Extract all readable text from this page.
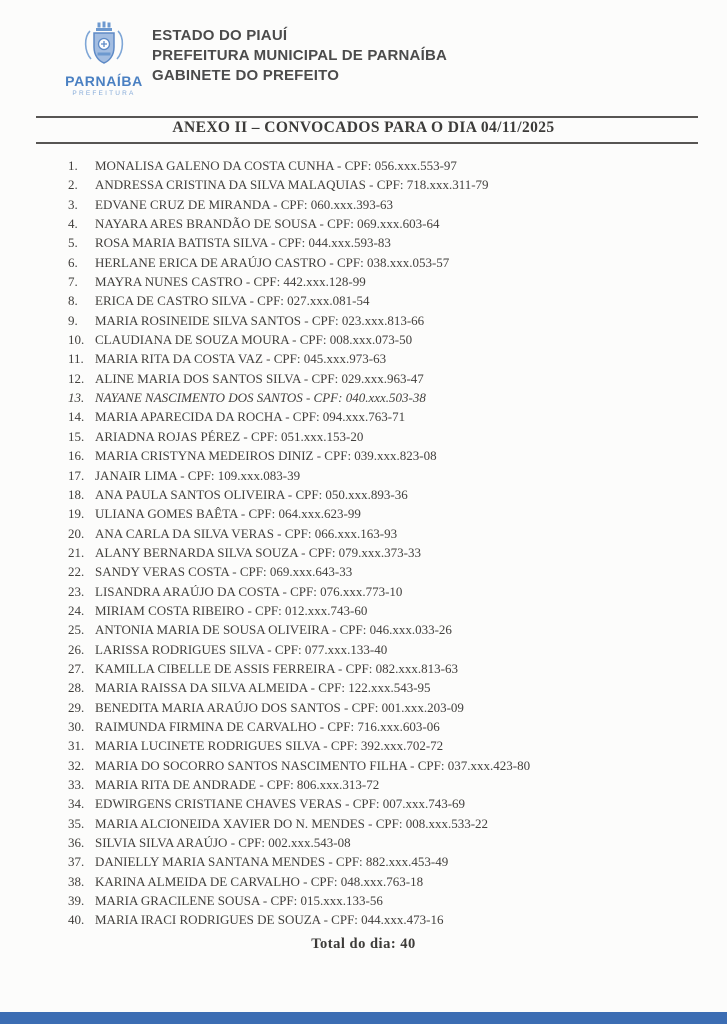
PARNAÍBA
PREFEITURA
ESTADO DO PIAUÍ
PREFEITURA MUNICIPAL DE PARNAÍBA
GABINETE DO PREFEITO
ANEXO II – CONVOCADOS PARA O DIA 04/11/2025
1. MONALISA GALENO DA COSTA CUNHA - CPF: 056.xxx.553-97
2. ANDRESSA CRISTINA DA SILVA MALAQUIAS - CPF: 718.xxx.311-79
3. EDVANE CRUZ DE MIRANDA - CPF: 060.xxx.393-63
4. NAYARA ARES BRANDÃO DE SOUSA - CPF: 069.xxx.603-64
5. ROSA MARIA BATISTA SILVA - CPF: 044.xxx.593-83
6. HERLANE ERICA DE ARAÚJO CASTRO - CPF: 038.xxx.053-57
7. MAYRA NUNES CASTRO - CPF: 442.xxx.128-99
8. ERICA DE CASTRO SILVA - CPF: 027.xxx.081-54
9. MARIA ROSINEIDE SILVA SANTOS - CPF: 023.xxx.813-66
10. CLAUDIANA DE SOUZA MOURA - CPF: 008.xxx.073-50
11. MARIA RITA DA COSTA VAZ - CPF: 045.xxx.973-63
12. ALINE MARIA DOS SANTOS SILVA - CPF: 029.xxx.963-47
13. NAYANE NASCIMENTO DOS SANTOS - CPF: 040.xxx.503-38
14. MARIA APARECIDA DA ROCHA - CPF: 094.xxx.763-71
15. ARIADNA ROJAS PÉREZ - CPF: 051.xxx.153-20
16. MARIA CRISTYNA MEDEIROS DINIZ - CPF: 039.xxx.823-08
17. JANAIR LIMA - CPF: 109.xxx.083-39
18. ANA PAULA SANTOS OLIVEIRA - CPF: 050.xxx.893-36
19. ULIANA GOMES BAÊTA - CPF: 064.xxx.623-99
20. ANA CARLA DA SILVA VERAS - CPF: 066.xxx.163-93
21. ALANY BERNARDA SILVA SOUZA - CPF: 079.xxx.373-33
22. SANDY VERAS COSTA - CPF: 069.xxx.643-33
23. LISANDRA ARAÚJO DA COSTA - CPF: 076.xxx.773-10
24. MIRIAM COSTA RIBEIRO - CPF: 012.xxx.743-60
25. ANTONIA MARIA DE SOUSA OLIVEIRA - CPF: 046.xxx.033-26
26. LARISSA RODRIGUES SILVA - CPF: 077.xxx.133-40
27. KAMILLA CIBELLE DE ASSIS FERREIRA - CPF: 082.xxx.813-63
28. MARIA RAISSA DA SILVA ALMEIDA - CPF: 122.xxx.543-95
29. BENEDITA MARIA ARAÚJO DOS SANTOS - CPF: 001.xxx.203-09
30. RAIMUNDA FIRMINA DE CARVALHO - CPF: 716.xxx.603-06
31. MARIA LUCINETE RODRIGUES SILVA - CPF: 392.xxx.702-72
32. MARIA DO SOCORRO SANTOS NASCIMENTO FILHA - CPF: 037.xxx.423-80
33. MARIA RITA DE ANDRADE - CPF: 806.xxx.313-72
34. EDWIRGENS CRISTIANE CHAVES VERAS - CPF: 007.xxx.743-69
35. MARIA ALCIONEIDA XAVIER DO N. MENDES - CPF: 008.xxx.533-22
36. SILVIA SILVA ARAÚJO - CPF: 002.xxx.543-08
37. DANIELLY MARIA SANTANA MENDES - CPF: 882.xxx.453-49
38. KARINA ALMEIDA DE CARVALHO - CPF: 048.xxx.763-18
39. MARIA GRACILENE SOUSA - CPF: 015.xxx.133-56
40. MARIA IRACI RODRIGUES DE SOUZA - CPF: 044.xxx.473-16
Total do dia: 40
